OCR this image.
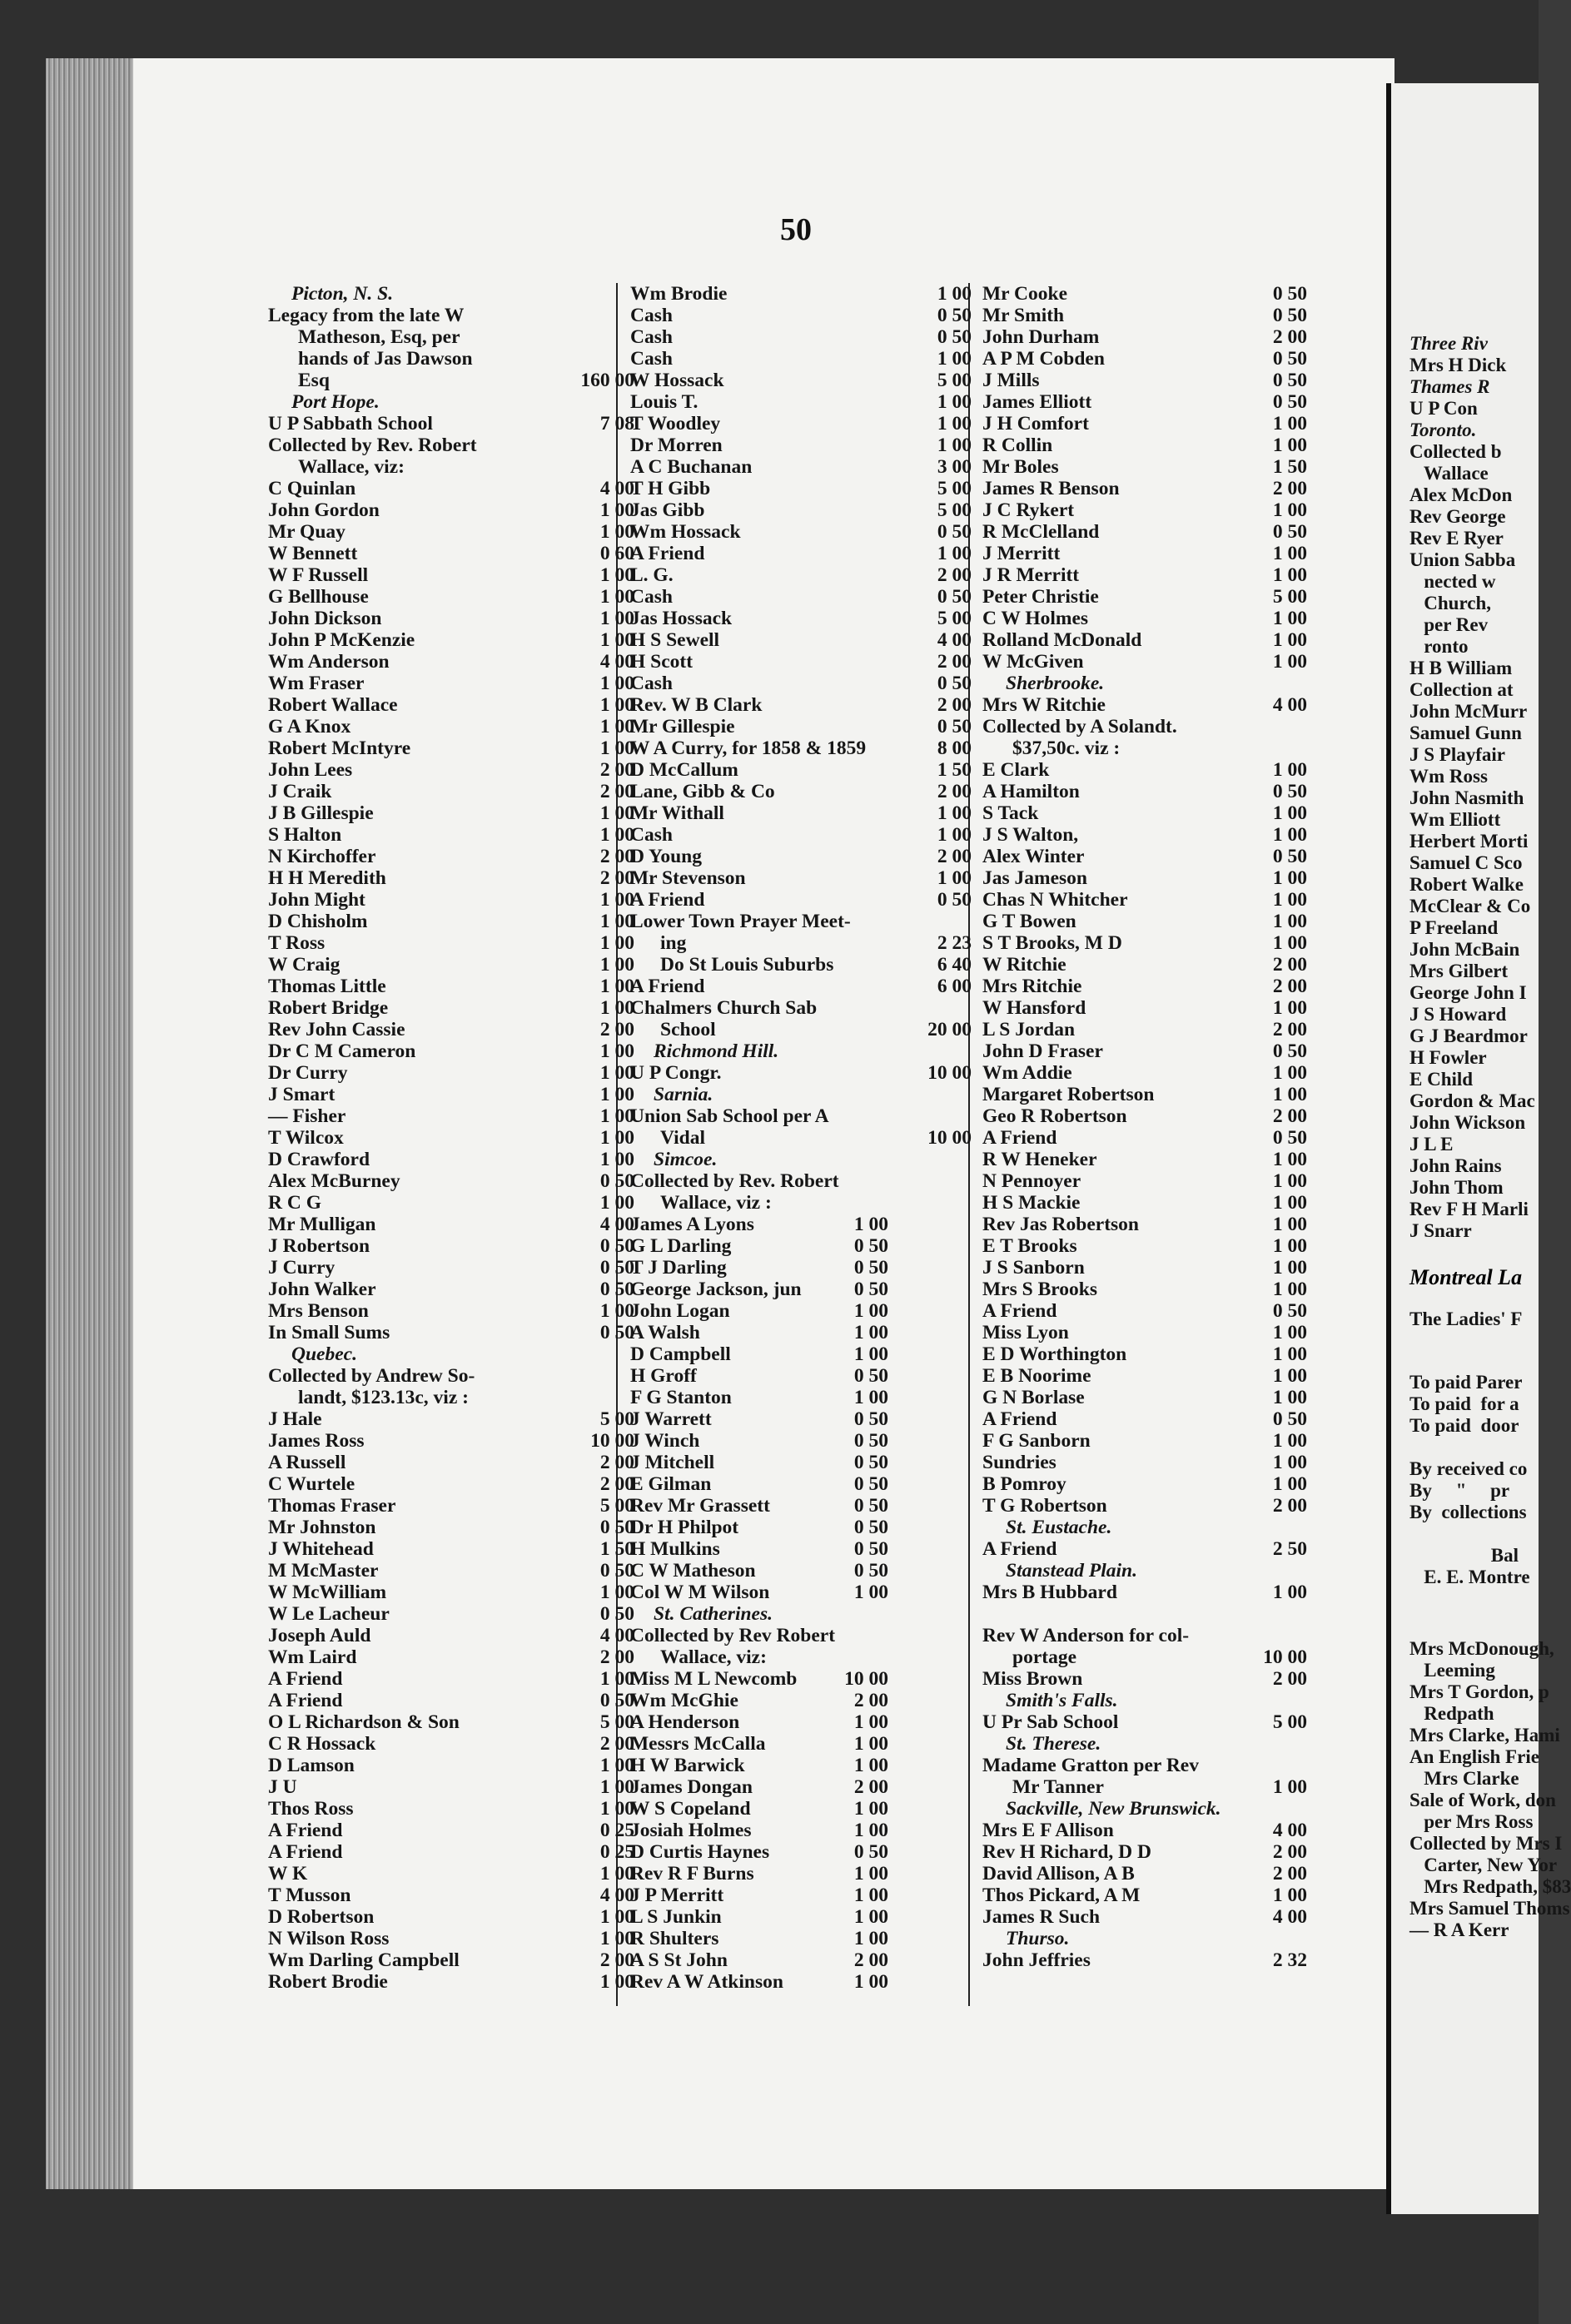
Three Riv
Mrs H Dick
Thames R
U P Con
Toronto.
Collected b
Wallace
Alex McDon
Rev George
Rev E Ryer
Union Sabba
nected w
Church,
per Rev
ronto
H B William
Collection at
John McMurr
Samuel Gunn
J S Playfair
Wm Ross
John Nasmith
Wm Elliott
Herbert Morti
Samuel C Sco
Robert Walke
McClear & Co
P Freeland
John McBain
Mrs Gilbert
George John I
J S Howard
G J Beardmor
H Fowler
E Child
Gordon & Mac
John Wickson
J L E
John Rains
John Thom
Rev F H Marli
J Snarr
Montreal La
The Ladies' F
To paid Parer
To paid  for a
To paid  door
By received co
By     "     pr
By  collections
Bal
E. E. Montre
Mrs McDonough,
Leeming
Mrs T Gordon, p
Redpath
Mrs Clarke, Hami
An English Frie
Mrs Clarke
Sale of Work, don
per Mrs Ross
Collected by Mrs I
Carter, New Yor
Mrs Redpath, $83
Mrs Samuel Thoms
— R A Kerr
50
Picton, N. S.
Legacy from the late W
Matheson, Esq, per
hands of Jas Dawson
Esq	160 00
Port Hope.
U P Sabbath School	7 08
Collected by Rev. Robert
Wallace, viz:
C Quinlan	4 00
John Gordon	1 00
Mr Quay	1 00
W Bennett	0 60
W F Russell	1 00
G Bellhouse	1 00
John Dickson	1 00
John P McKenzie	1 00
Wm Anderson	4 00
Wm Fraser	1 00
Robert Wallace	1 00
G A Knox	1 00
Robert McIntyre	1 00
John Lees	2 00
J Craik	2 00
J B Gillespie	1 00
S Halton	1 00
N Kirchoffer	2 00
H H Meredith	2 00
John Might	1 00
D Chisholm	1 00
T Ross	1 00
W Craig	1 00
Thomas Little	1 00
Robert Bridge	1 00
Rev John Cassie	2 00
Dr C M Cameron	1 00
Dr Curry	1 00
J Smart	1 00
— Fisher	1 00
T Wilcox	1 00
D Crawford	1 00
Alex McBurney	0 50
R C G	1 00
Mr Mulligan	4 00
J Robertson	0 50
J Curry	0 50
John Walker	0 50
Mrs Benson	1 00
In Small Sums	0 50
Quebec.
Collected by Andrew So-
landt, $123.13c, viz :
J Hale	5 00
James Ross	10 00
A Russell	2 00
C Wurtele	2 00
Thomas Fraser	5 00
Mr Johnston	0 50
J Whitehead	1 50
M McMaster	0 50
W McWilliam	1 00
W Le Lacheur	0 50
Joseph Auld	4 00
Wm Laird	2 00
A Friend	1 00
A Friend	0 50
O L Richardson & Son	5 00
C R Hossack	2 00
D Lamson	1 00
J U	1 00
Thos Ross	1 00
A Friend	0 25
A Friend	0 25
W K	1 00
T Musson	4 00
D Robertson	1 00
N Wilson Ross	1 00
Wm Darling Campbell	2 00
Robert Brodie	1 00
Wm Brodie	1 00
Cash	0 50
Cash	0 50
Cash	1 00
W Hossack	5 00
Louis T.	1 00
T Woodley	1 00
Dr Morren	1 00
A C Buchanan	3 00
T H Gibb	5 00
Jas Gibb	5 00
Wm Hossack	0 50
A Friend	1 00
L. G.	2 00
Cash	0 50
Jas Hossack	5 00
H S Sewell	4 00
H Scott	2 00
Cash	0 50
Rev. W B Clark	2 00
Mr Gillespie	0 50
W A Curry, for 1858 & 1859	8 00
D McCallum	1 50
Lane, Gibb & Co	2 00
Mr Withall	1 00
Cash	1 00
D Young	2 00
Mr Stevenson	1 00
A Friend	0 50
Lower Town Prayer Meet-
ing	2 23
Do St Louis Suburbs	6 40
A Friend	6 00
Chalmers Church Sab
School	20 00
Richmond Hill.
U P Congr.	10 00
Sarnia.
Union Sab School per A
Vidal	10 00
Simcoe.
Collected by Rev. Robert
Wallace, viz :
James A Lyons	1 00
G L Darling	0 50
T J Darling	0 50
George Jackson, jun	0 50
John Logan	1 00
A Walsh	1 00
D Campbell	1 00
H Groff	0 50
F G Stanton	1 00
J Warrett	0 50
J Winch	0 50
J Mitchell	0 50
E Gilman	0 50
Rev Mr Grassett	0 50
Dr H Philpot	0 50
H Mulkins	0 50
C W Matheson	0 50
Col W M Wilson	1 00
St. Catherines.
Collected by Rev Robert
Wallace, viz:
Miss M L Newcomb	10 00
Wm McGhie	2 00
A Henderson	1 00
Messrs McCalla	1 00
H W Barwick	1 00
James Dongan	2 00
W S Copeland	1 00
Josiah Holmes	1 00
D Curtis Haynes	0 50
Rev R F Burns	1 00
J P Merritt	1 00
L S Junkin	1 00
R Shulters	1 00
A S St John	2 00
Rev A W Atkinson	1 00
Mr Cooke	0 50
Mr Smith	0 50
John Durham	2 00
A P M Cobden	0 50
J Mills	0 50
James Elliott	0 50
J H Comfort	1 00
R Collin	1 00
Mr Boles	1 50
James R Benson	2 00
J C Rykert	1 00
R McClelland	0 50
J Merritt	1 00
J R Merritt	1 00
Peter Christie	5 00
C W Holmes	1 00
Rolland McDonald	1 00
W McGiven	1 00
Sherbrooke.
Mrs W Ritchie	4 00
Collected by A Solandt.
$37,50c. viz :
E Clark	1 00
A Hamilton	0 50
S Tack	1 00
J S Walton,	1 00
Alex Winter	0 50
Jas Jameson	1 00
Chas N Whitcher	1 00
G T Bowen	1 00
S T Brooks, M D	1 00
W Ritchie	2 00
Mrs Ritchie	2 00
W Hansford	1 00
L S Jordan	2 00
John D Fraser	0 50
Wm Addie	1 00
Margaret Robertson	1 00
Geo R Robertson	2 00
A Friend	0 50
R W Heneker	1 00
N Pennoyer	1 00
H S Mackie	1 00
Rev Jas Robertson	1 00
E T Brooks	1 00
J S Sanborn	1 00
Mrs S Brooks	1 00
A Friend	0 50
Miss Lyon	1 00
E D Worthington	1 00
E B Noorime	1 00
G N Borlase	1 00
A Friend	0 50
F G Sanborn	1 00
Sundries	1 00
B Pomroy	1 00
T G Robertson	2 00
St. Eustache.
A Friend	2 50
Stanstead Plain.
Mrs B Hubbard	1 00
Rev W Anderson for col-
portage	10 00
Miss Brown	2 00
Smith's Falls.
U Pr Sab School	5 00
St. Therese.
Madame Gratton per Rev
Mr Tanner	1 00
Sackville, New Brunswick.
Mrs E F Allison	4 00
Rev H Richard, D D	2 00
David Allison, A B	2 00
Thos Pickard, A M	1 00
James R Such	4 00
Thurso.
John Jeffries	2 32
